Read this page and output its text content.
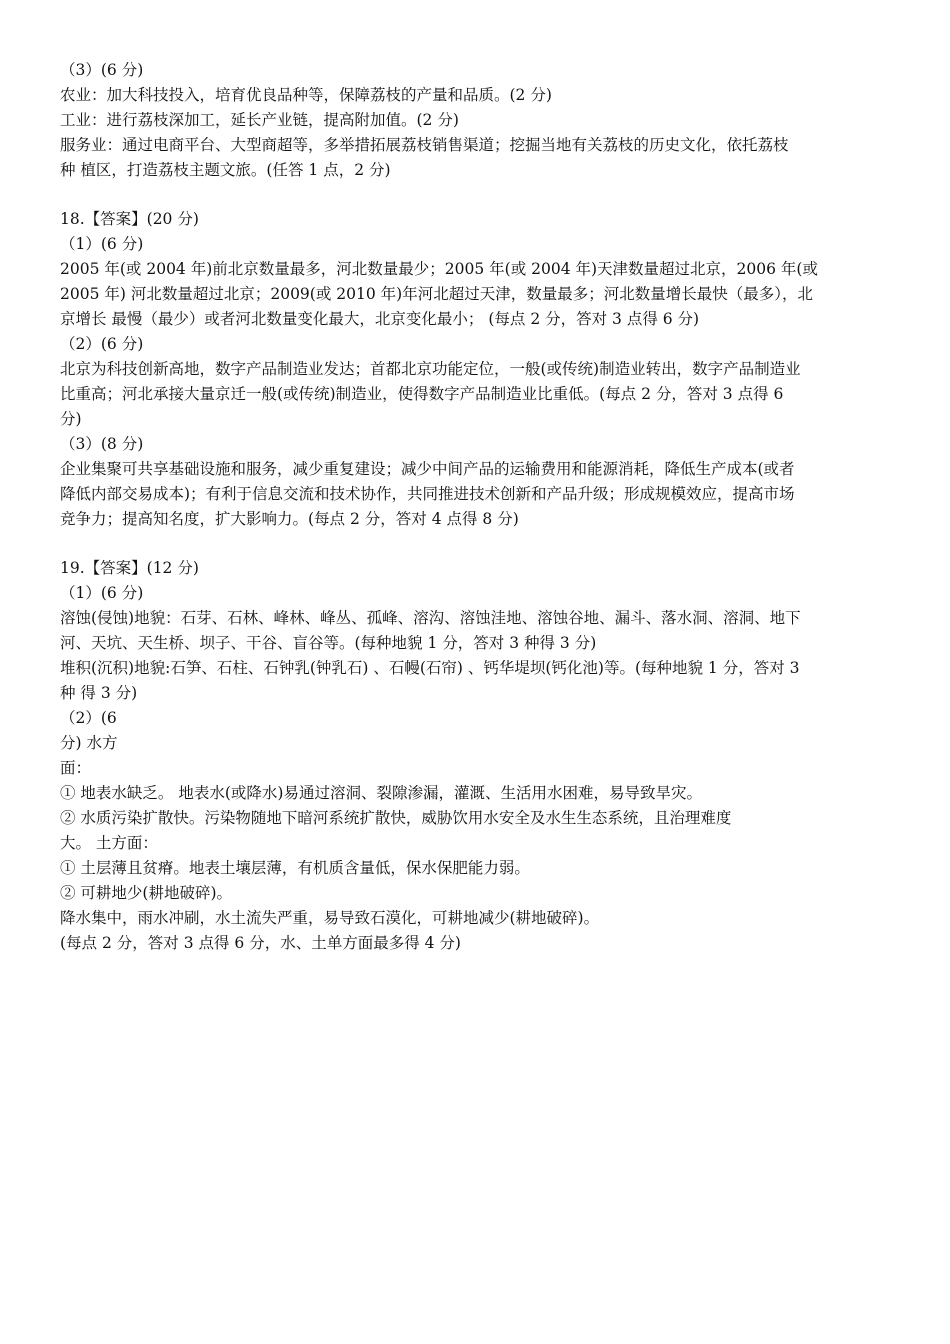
（3）(6 分)

农业：加大科技投入，培育优良品种等，保障荔枝的产量和品质。(2 分)

工业：进行荔枝深加工，延长产业链，提高附加值。(2 分)

服务业：通过电商平台、大型商超等，多举措拓展荔枝销售渠道；挖掘当地有关荔枝的历史文化，依托荔枝

种 植区，打造荔枝主题文旅。(任答 1 点，2 分)

18.【答案】(20 分)

（1）(6 分)

2005 年(或 2004 年)前北京数量最多，河北数量最少；2005 年(或 2004 年)天津数量超过北京，2006 年(或

2005 年) 河北数量超过北京；2009(或 2010 年)年河北超过天津，数量最多；河北数量增长最快（最多），北

京增长 最慢（最少）或者河北数量变化最大，北京变化最小； (每点 2 分，答对 3 点得 6 分)

（2）(6 分)

北京为科技创新高地，数字产品制造业发达；首都北京功能定位，一般(或传统)制造业转出，数字产品制造业

比重高；河北承接大量京迁一般(或传统)制造业，使得数字产品制造业比重低。(每点 2 分，答对 3 点得 6

分)

（3）(8 分)

企业集聚可共享基础设施和服务，减少重复建设；减少中间产品的运输费用和能源消耗，降低生产成本(或者

降低内部交易成本)；有利于信息交流和技术协作，共同推进技术创新和产品升级；形成规模效应，提高市场

竞争力；提高知名度，扩大影响力。(每点 2 分，答对 4 点得 8 分)

19.【答案】(12 分)

（1）(6 分)

溶蚀(侵蚀)地貌：石芽、石林、峰林、峰丛、孤峰、溶沟、溶蚀洼地、溶蚀谷地、漏斗、落水洞、溶洞、地下

河、天坑、天生桥、坝子、干谷、盲谷等。(每种地貌 1 分，答对 3 种得 3 分)

堆积(沉积)地貌:石笋、石柱、石钟乳(钟乳石) 、石幔(石帘) 、钙华堤坝(钙化池)等。(每种地貌 1 分，答对 3

种 得 3 分)

（2）(6

分) 水方

面：

① 地表水缺乏。 地表水(或降水)易通过溶洞、裂隙渗漏，灌溉、生活用水困难，易导致旱灾。

② 水质污染扩散快。污染物随地下暗河系统扩散快，威胁饮用水安全及水生生态系统，且治理难度

大。 土方面：

① 土层薄且贫瘠。地表土壤层薄，有机质含量低，保水保肥能力弱。

② 可耕地少(耕地破碎)。

降水集中，雨水冲刷，水土流失严重，易导致石漠化，可耕地减少(耕地破碎)。

(每点 2 分，答对 3 点得 6 分，水、土单方面最多得 4 分)
